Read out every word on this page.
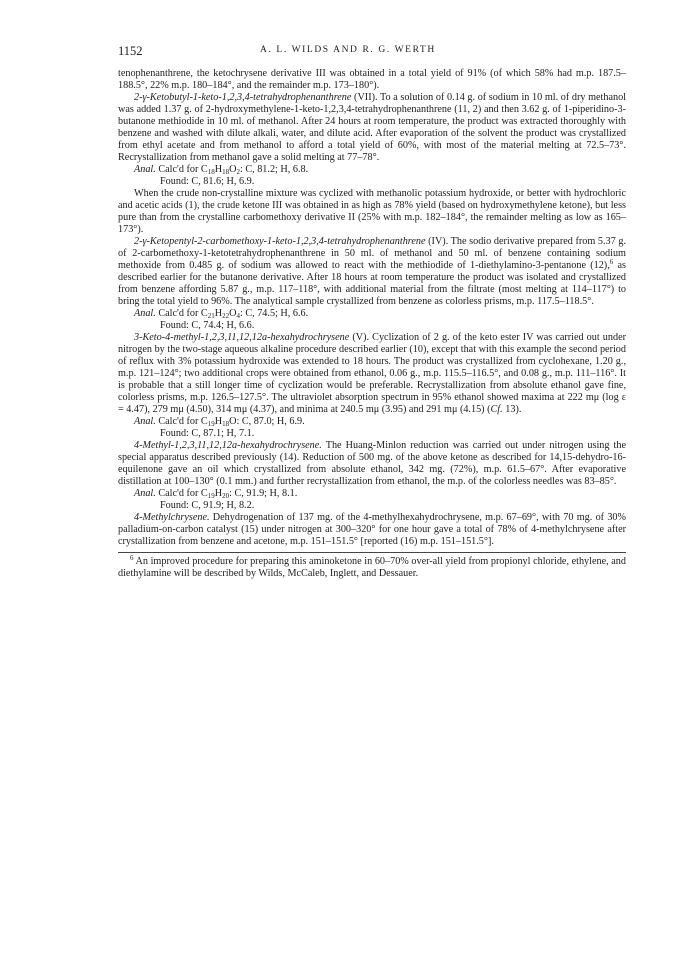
1152	A. L. WILDS AND R. G. WERTH

tenophenanthrene, the ketochrysene derivative III was obtained in a total yield of 91% (of which 58% had m.p. 187.5–188.5°, 22% m.p. 180–184°, and the remainder m.p. 173–180°).

2-γ-Ketobutyl-1-keto-1,2,3,4-tetrahydrophenanthrene (VII). To a solution of 0.14 g. of sodium in 10 ml. of dry methanol was added 1.37 g. of 2-hydroxymethylene-1-keto-1,2,3,4-tetrahydrophenanthrene (11, 2) and then 3.62 g. of 1-piperidino-3-butanone methiodide in 10 ml. of methanol. After 24 hours at room temperature, the product was extracted thoroughly with benzene and washed with dilute alkali, water, and dilute acid. After evaporation of the solvent the product was crystallized from ethyl acetate and from methanol to afford a total yield of 60%, with most of the material melting at 72.5–73°. Recrystallization from methanol gave a solid melting at 77–78°.

Anal. Calc'd for $C_{18}H_{18}O_2$: C, 81.2; H, 6.8.

Found: C, 81.6; H, 6.9.

When the crude non-crystalline mixture was cyclized with methanolic potassium hydroxide, or better with hydrochloric and acetic acids (1), the crude ketone III was obtained in as high as 78% yield (based on hydroxymethylene ketone), but less pure than from the crystalline carbomethoxy derivative II (25% with m.p. 182–184°, the remainder melting as low as 165–173°).

2-γ-Ketopentyl-2-carbomethoxy-1-keto-1,2,3,4-tetrahydrophenanthrene (IV). The sodio derivative prepared from 5.37 g. of 2-carbomethoxy-1-ketotetrahydrophenanthrene in 50 ml. of methanol and 50 ml. of benzene containing sodium methoxide from 0.485 g. of sodium was allowed to react with the methiodide of 1-diethylamino-3-pentanone (12),$^6$ as described earlier for the butanone derivative. After 18 hours at room temperature the product was isolated and crystallized from benzene affording 5.87 g., m.p. 117–118°, with additional material from the filtrate (most melting at 114–117°) to bring the total yield to 96%. The analytical sample crystallized from benzene as colorless prisms, m.p. 117.5–118.5°.

Anal. Calc'd for $C_{21}H_{22}O_4$: C, 74.5; H, 6.6.

Found: C, 74.4; H, 6.6.

3-Keto-4-methyl-1,2,3,11,12,12a-hexahydrochrysene (V). Cyclization of 2 g. of the keto ester IV was carried out under nitrogen by the two-stage aqueous alkaline procedure described earlier (10), except that with this example the second period of reflux with 3% potassium hydroxide was extended to 18 hours. The product was crystallized from cyclohexane, 1.20 g., m.p. 121–124°; two additional crops were obtained from ethanol, 0.06 g., m.p. 115.5–116.5°, and 0.08 g., m.p. 111–116°. It is probable that a still longer time of cyclization would be preferable. Recrystallization from absolute ethanol gave fine, colorless prisms, m.p. 126.5–127.5°. The ultraviolet absorption spectrum in 95% ethanol showed maxima at 222 mμ (log ε = 4.47), 279 mμ (4.50), 314 mμ (4.37), and minima at 240.5 mμ (3.95) and 291 mμ (4.15) (Cf. 13).

Anal. Calc'd for $C_{19}H_{18}O$: C, 87.0; H, 6.9.

Found: C, 87.1; H, 7.1.

4-Methyl-1,2,3,11,12,12a-hexahydrochrysene. The Huang-Minlon reduction was carried out under nitrogen using the special apparatus described previously (14). Reduction of 500 mg. of the above ketone as described for 14,15-dehydro-16-equilenone gave an oil which crystallized from absolute ethanol, 342 mg. (72%), m.p. 61.5–67°. After evaporative distillation at 100–130° (0.1 mm.) and further recrystallization from ethanol, the m.p. of the colorless needles was 83–85°.

Anal. Calc'd for $C_{19}H_{20}$: C, 91.9; H, 8.1.

Found: C, 91.9; H, 8.2.

4-Methylchrysene. Dehydrogenation of 137 mg. of the 4-methylhexahydrochrysene, m.p. 67–69°, with 70 mg. of 30% palladium-on-carbon catalyst (15) under nitrogen at 300–320° for one hour gave a total of 78% of 4-methylchrysene after crystallization from benzene and acetone, m.p. 151–151.5° [reported (16) m.p. 151–151.5°].

$^6$ An improved procedure for preparing this aminoketone in 60–70% over-all yield from propionyl chloride, ethylene, and diethylamine will be described by Wilds, McCaleb, Inglett, and Dessauer.
